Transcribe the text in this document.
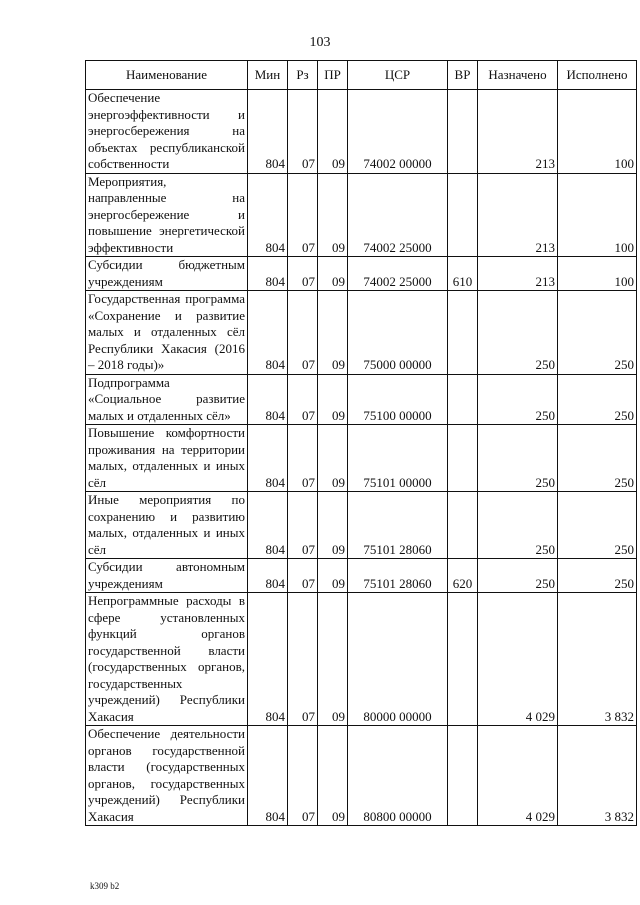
103
Наименование	Мин	Рз	ПР	ЦСР	ВР	Назначено	Исполнено
Обеспечение энергоэффективности и энергосбережения на объектах республиканской собственности	804	07	09	74002 00000		213	100
Мероприятия, направленные на энергосбережение и повышение энергетической эффективности	804	07	09	74002 25000		213	100
Субсидии бюджетным учреждениям	804	07	09	74002 25000	610	213	100
Государственная программа «Сохранение и развитие малых и отдаленных сёл Республики Хакасия (2016 – 2018 годы)»	804	07	09	75000 00000		250	250
Подпрограмма «Социальное развитие малых и отдаленных сёл»	804	07	09	75100 00000		250	250
Повышение комфортности проживания на территории малых, отдаленных и иных сёл	804	07	09	75101 00000		250	250
Иные мероприятия по сохранению и развитию малых, отдаленных и иных сёл	804	07	09	75101 28060		250	250
Субсидии автономным учреждениям	804	07	09	75101 28060	620	250	250
Непрограммные расходы в сфере установленных функций органов государственной власти (государственных органов, государственных учреждений) Республики Хакасия	804	07	09	80000 00000		4 029	3 832
Обеспечение деятельности органов государственной власти (государственных органов, государственных учреждений) Республики Хакасия	804	07	09	80800 00000		4 029	3 832
k309 b2
